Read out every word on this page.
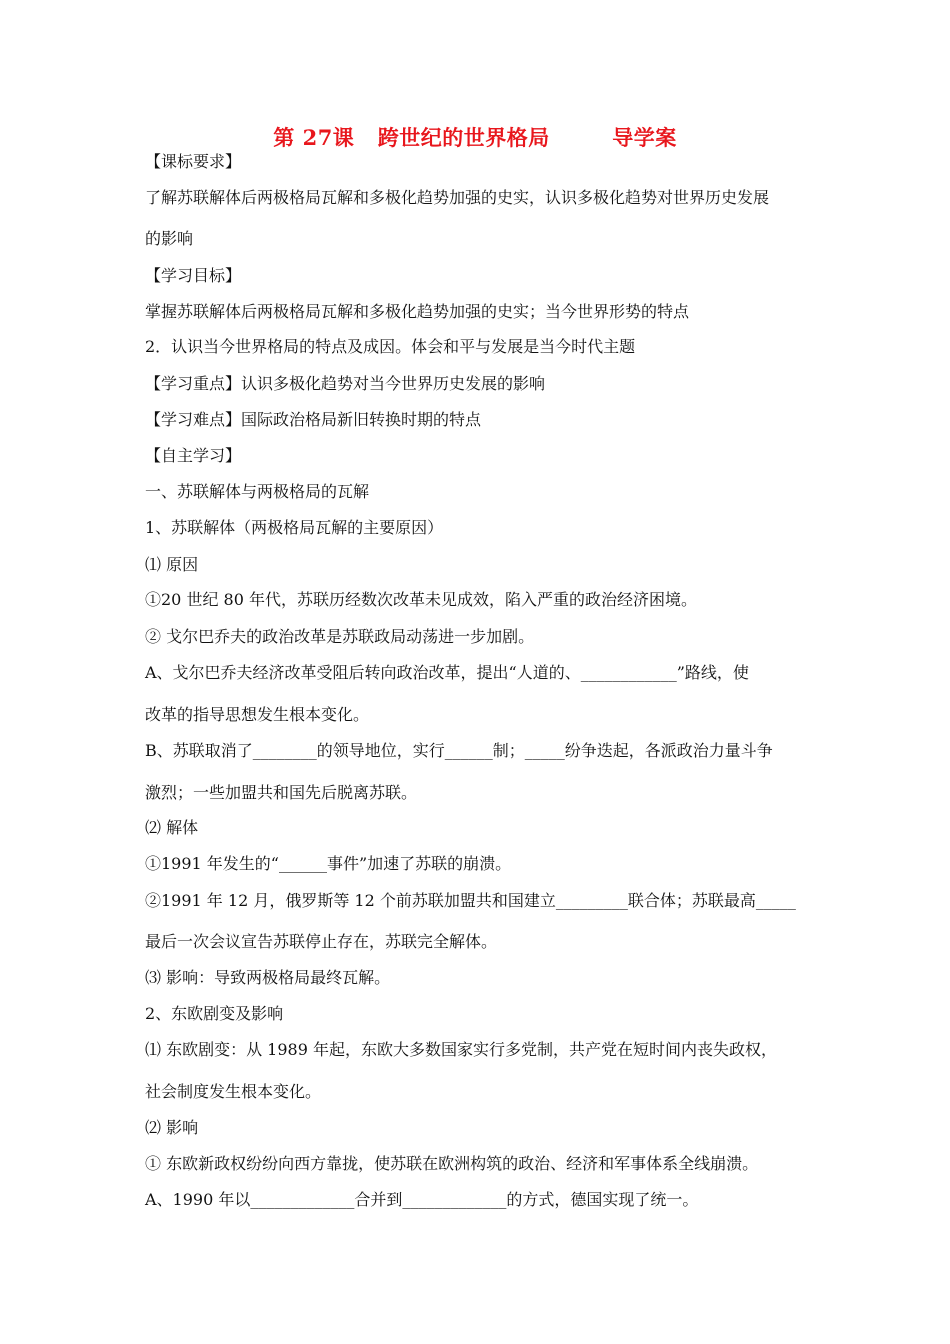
第 27课   跨世纪的世界格局        导学案
【课标要求】
了解苏联解体后两极格局瓦解和多极化趋势加强的史实，认识多极化趋势对世界历史发展
的影响
【学习目标】
掌握苏联解体后两极格局瓦解和多极化趋势加强的史实；当今世界形势的特点
2．认识当今世界格局的特点及成因。体会和平与发展是当今时代主题
【学习重点】认识多极化趋势对当今世界历史发展的影响
【学习难点】国际政治格局新旧转换时期的特点
【自主学习】
一、苏联解体与两极格局的瓦解
1、苏联解体（两极格局瓦解的主要原因）
⑴ 原因
①20 世纪 80 年代，苏联历经数次改革未见成效，陷入严重的政治经济困境。
② 戈尔巴乔夫的政治改革是苏联政局动荡进一步加剧。
A、戈尔巴乔夫经济改革受阻后转向政治改革，提出“人道的、____________”路线，使
改革的指导思想发生根本变化。
B、苏联取消了________的领导地位，实行______制；_____纷争迭起，各派政治力量斗争
激烈；一些加盟共和国先后脱离苏联。
⑵ 解体
①1991 年发生的“______事件”加速了苏联的崩溃。
②1991 年 12 月，俄罗斯等 12 个前苏联加盟共和国建立_________联合体；苏联最高_____
最后一次会议宣告苏联停止存在，苏联完全解体。
⑶ 影响：导致两极格局最终瓦解。
2、东欧剧变及影响
⑴ 东欧剧变：从 1989 年起，东欧大多数国家实行多党制，共产党在短时间内丧失政权，
社会制度发生根本变化。
⑵ 影响
① 东欧新政权纷纷向西方靠拢，使苏联在欧洲构筑的政治、经济和军事体系全线崩溃。
A、1990 年以_____________合并到_____________的方式，德国实现了统一。
